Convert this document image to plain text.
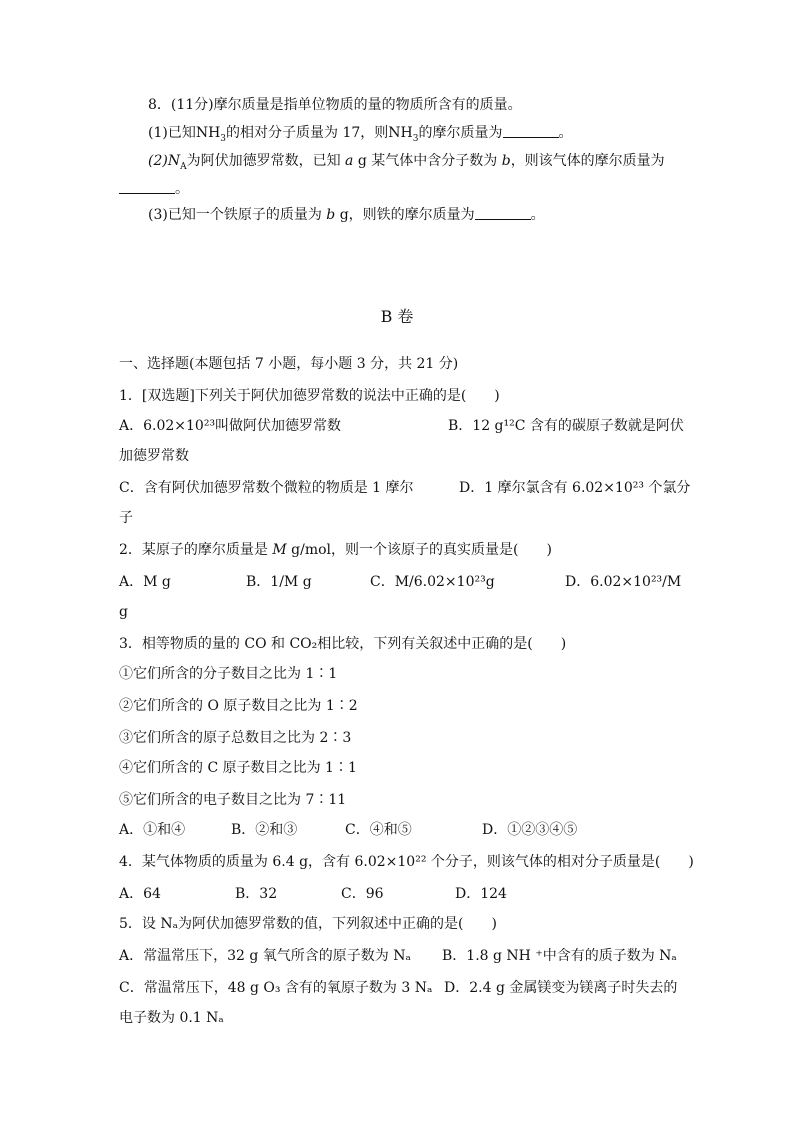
8．(11分)摩尔质量是指单位物质的量的物质所含有的质量。
(1)已知$NH_3$的相对分子质量为 17，则$NH_3$的摩尔质量为	。
$(2)N_A$为阿伏加德罗常数，已知 a g 某气体中含分子数为 b，则该气体的摩尔质量为
。
(3)已知一个铁原子的质量为 b g，则铁的摩尔质量为	。
B 卷
一、选择题(本题包括 7 小题，每小题 3 分，共 21 分)
1．[双选题]下列关于阿伏加德罗常数的说法中正确的是(　　)
A．6.02×10²³叫做阿伏加德罗常数	B．12 g¹²C 含有的碳原子数就是阿伏
加德罗常数
C．含有阿伏加德罗常数个微粒的物质是 1 摩尔	D．1 摩尔氯含有 6.02×10²³ 个氯分
子
2．某原子的摩尔质量是 M g/mol，则一个该原子的真实质量是(　　)
A．M g	B．1/M g	C．M/6.02×10²³g	D．6.02×10²³/M
g
3．相等物质的量的 CO 和 CO₂相比较，下列有关叙述中正确的是(　　)
①它们所含的分子数目之比为 1∶1
②它们所含的 O 原子数目之比为 1∶2
③它们所含的原子总数目之比为 2∶3
④它们所含的 C 原子数目之比为 1∶1
⑤它们所含的电子数目之比为 7∶11
A．①和④	B．②和③	C．④和⑤	D．①②③④⑤
4．某气体物质的质量为 6.4 g，含有 6.02×10²² 个分子，则该气体的相对分子质量是(　　)
A．64	B．32	C．96	D．124
5．设 Nₐ为阿伏加德罗常数的值，下列叙述中正确的是(　　)
A．常温常压下，32 g 氧气所含的原子数为 Nₐ B．1.8 g NH ⁺中含有的质子数为 Nₐ
C．常温常压下，48 g O₃ 含有的氧原子数为 3 Nₐ D．2.4 g 金属镁变为镁离子时失去的
电子数为 0.1 Nₐ
